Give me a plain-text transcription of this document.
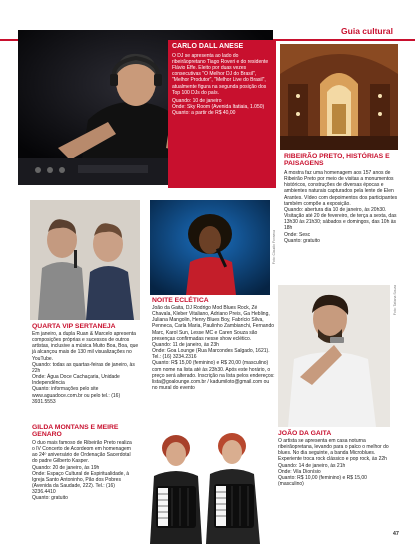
Guia cultural
CARLO DALL ANESE

O DJ se apresenta ao lado do ribeirãopretano Tiago Roveri e do residente Flávio Effe. Eleito por duas vezes consecutivas "O Melhor DJ do Brasil", "Melhor Produtor", "Melhor Live do Brasil", atualmente figura na segunda posição dos Top 100 DJs do país.

Quando: 10 de janeiro

Onde: Sky Room (Avenida Itatiaia, 1.050)

Quanto: a partir de R$ 40,00

RIBEIRÃO PRETO, HISTÓRIAS E PAISAGENS
A mostra faz uma homenagem aos 157 anos de Ribeirão Preto por meio de visitas a monumentos históricos, construções de diversas épocas e ambientes naturais capturados pela lente de Elen Arantes. Vídeo com depoimentos dos participantes também compõe a exposição.
Quando: abertura dia 10 de janeiro, às 20h30. Visitação até 20 de fevereiro, de terça a sexta, das 13h30 às 21h30; sábados e domingos, das 10h às 18h
Onde: Sesc
Quanto: gratuito
QUARTA VIP SERTANEJA
Em janeiro, a dupla Ruan & Marcelo apresenta composições próprias e sucessos de outros artistas, inclusive a música Muito Boa, Boa, que já alcançou mais de 130 mil visualizações no YouTube.
Quando: todas as quartas-feiras de janeiro, às 22h
Onde: Água Doce Cachaçaria, Unidade Independência
Quanto: informações pelo site www.aguadoce.com.br ou pelo tel.: (16) 3931.5553
Foto: Claudio Fonseca
NOITE ECLÉTICA
João da Gaita, DJ Rodrigo Mod Blues Rock, Zé Chavala, Kleber Vitaliano, Adriano Preis, Ga Hebling, Juliana Mangolin, Henry Blues Boy, Fabrício Silva, Penneca, Carla Maria, Paulinho Zambianchi, Fernando Marc, Karol Sun, Lesse MC e Caren Souza são presenças confirmadas nesse show eclético.
Quando: 11 de janeiro, às 23h
Onde: Goa Lounge (Rua Marcondes Salgado, 1621). Tel.: (16) 3234.2316
Quanto: R$ 15,00 (feminino) e R$ 20,00 (masculino) com nome na lista até às 23h30. Após este horário, o preço será alterado. Inscrição na lista pelos endereços: lista@goalounge.com.br / kadumiloto@gmail.com ou no mural do evento
Foto: Tatiana Souza
JOÃO DA GAITA
O artista se apresenta em casa noturna ribeirãopretana, levando para o palco o melhor do blues. No dia seguinte, a banda Microblues. Experiente troca rock clássico e pop rock, às 22h
Quando: 14 de janeiro, às 21h
Onde: Vila Dionísio
Quanto: R$ 10,00 (feminino) e R$ 15,00 (masculino)
GILDA MONTANS E MEIRE GENARO
O duo mais famoso de Ribeirão Preto realiza o IV Concerto de Acordeom em homenagem ao 24º aniversário de Ordenação Sacerdotal do padre Gilberto Kasper.
Quando: 20 de janeiro, às 19h
Onde: Espaço Cultural de Espiritualidade, à Igreja Santo Antoninho, Pão dos Pobres (Avenida da Saudade, 222). Tel.: (16) 3236.4410
Quanto: gratuito
47
